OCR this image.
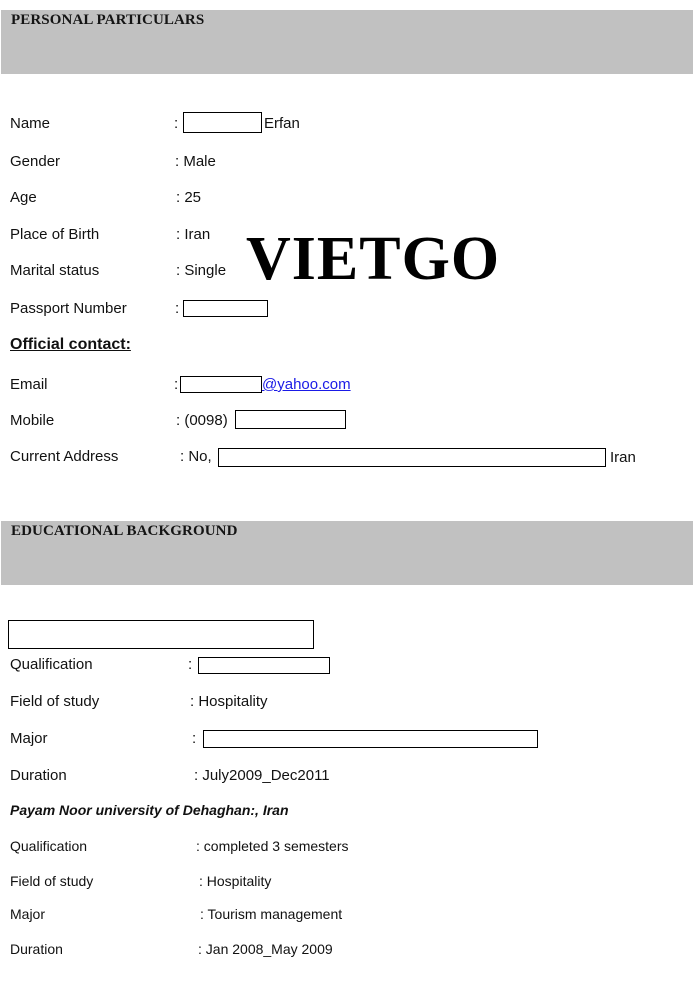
PERSONAL PARTICULARS
Name	:	Erfan
Gender	: Male
Age	: 25
Place of Birth	: Iran
Marital status	: Single
Passport Number	:
Official contact:
Email	:	@yahoo.com
Mobile	: (0098)
Current Address	: No,	Iran
EDUCATIONAL BACKGROUND
Qualification	:
Field of study	: Hospitality
Major	:
Duration	: July2009_Dec2011
Payam Noor university of Dehaghan:, Iran
Qualification	: completed 3 semesters
Field of study	: Hospitality
Major	: Tourism management
Duration	: Jan 2008_May 2009
VIETGO
